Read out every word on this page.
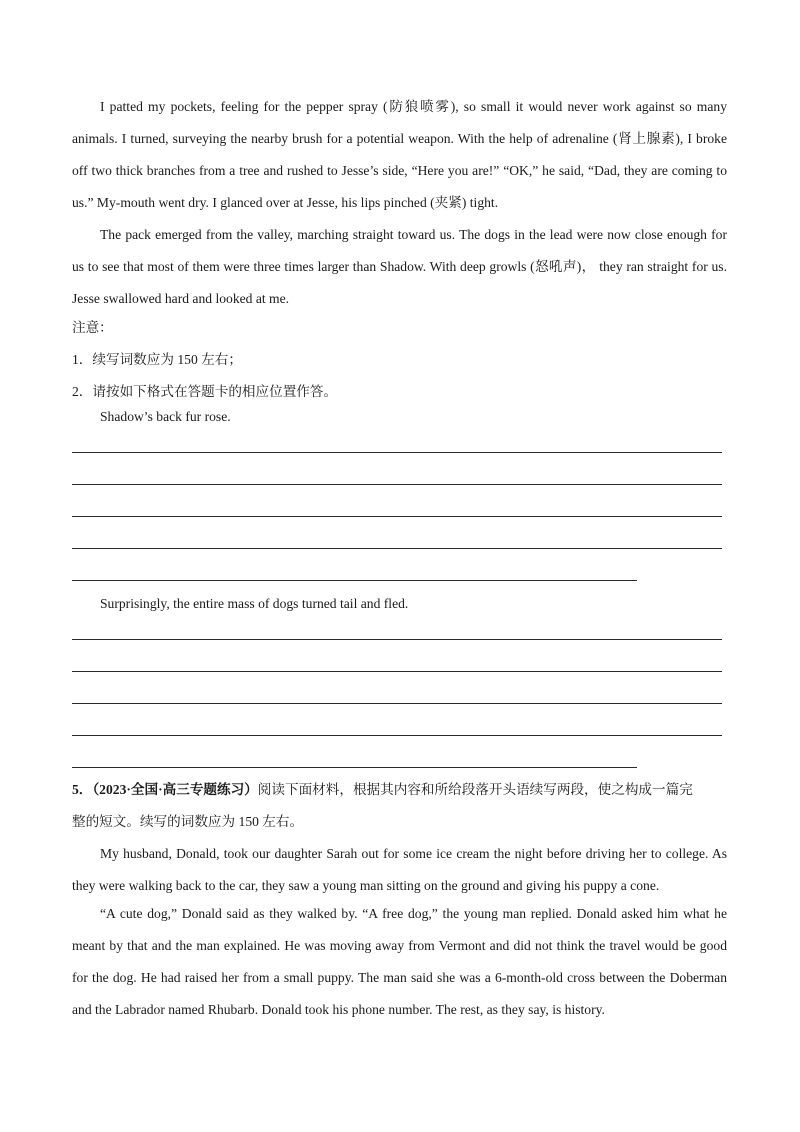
I patted my pockets, feeling for the pepper spray (防狼喷雾), so small it would never work against so many animals. I turned, surveying the nearby brush for a potential weapon. With the help of adrenaline (肾上腺素), I broke off two thick branches from a tree and rushed to Jesse’s side, “Here you are!” “OK,” he said, “Dad, they are coming to us.” My-mouth went dry. I glanced over at Jesse, his lips pinched (夹紧) tight.

The pack emerged from the valley, marching straight toward us. The dogs in the lead were now close enough for us to see that most of them were three times larger than Shadow. With deep growls (怒吼声)， they ran straight for us. Jesse swallowed hard and looked at me.

注意：
1．续写词数应为 150 左右；
2．请按如下格式在答题卡的相应位置作答。
Shadow’s back fur rose.
Surprisingly, the entire mass of dogs turned tail and fled.
5．（2023·全国·高三专题练习）阅读下面材料，根据其内容和所给段落开头语续写两段，使之构成一篇完
整的短文。续写的词数应为 150 左右。

My husband, Donald, took our daughter Sarah out for some ice cream the night before driving her to college. As they were walking back to the car, they saw a young man sitting on the ground and giving his puppy a cone.

“A cute dog,” Donald said as they walked by. “A free dog,” the young man replied. Donald asked him what he meant by that and the man explained. He was moving away from Vermont and did not think the travel would be good for the dog. He had raised her from a small puppy. The man said she was a 6-month-old cross between the Doberman and the Labrador named Rhubarb. Donald took his phone number. The rest, as they say, is history.
